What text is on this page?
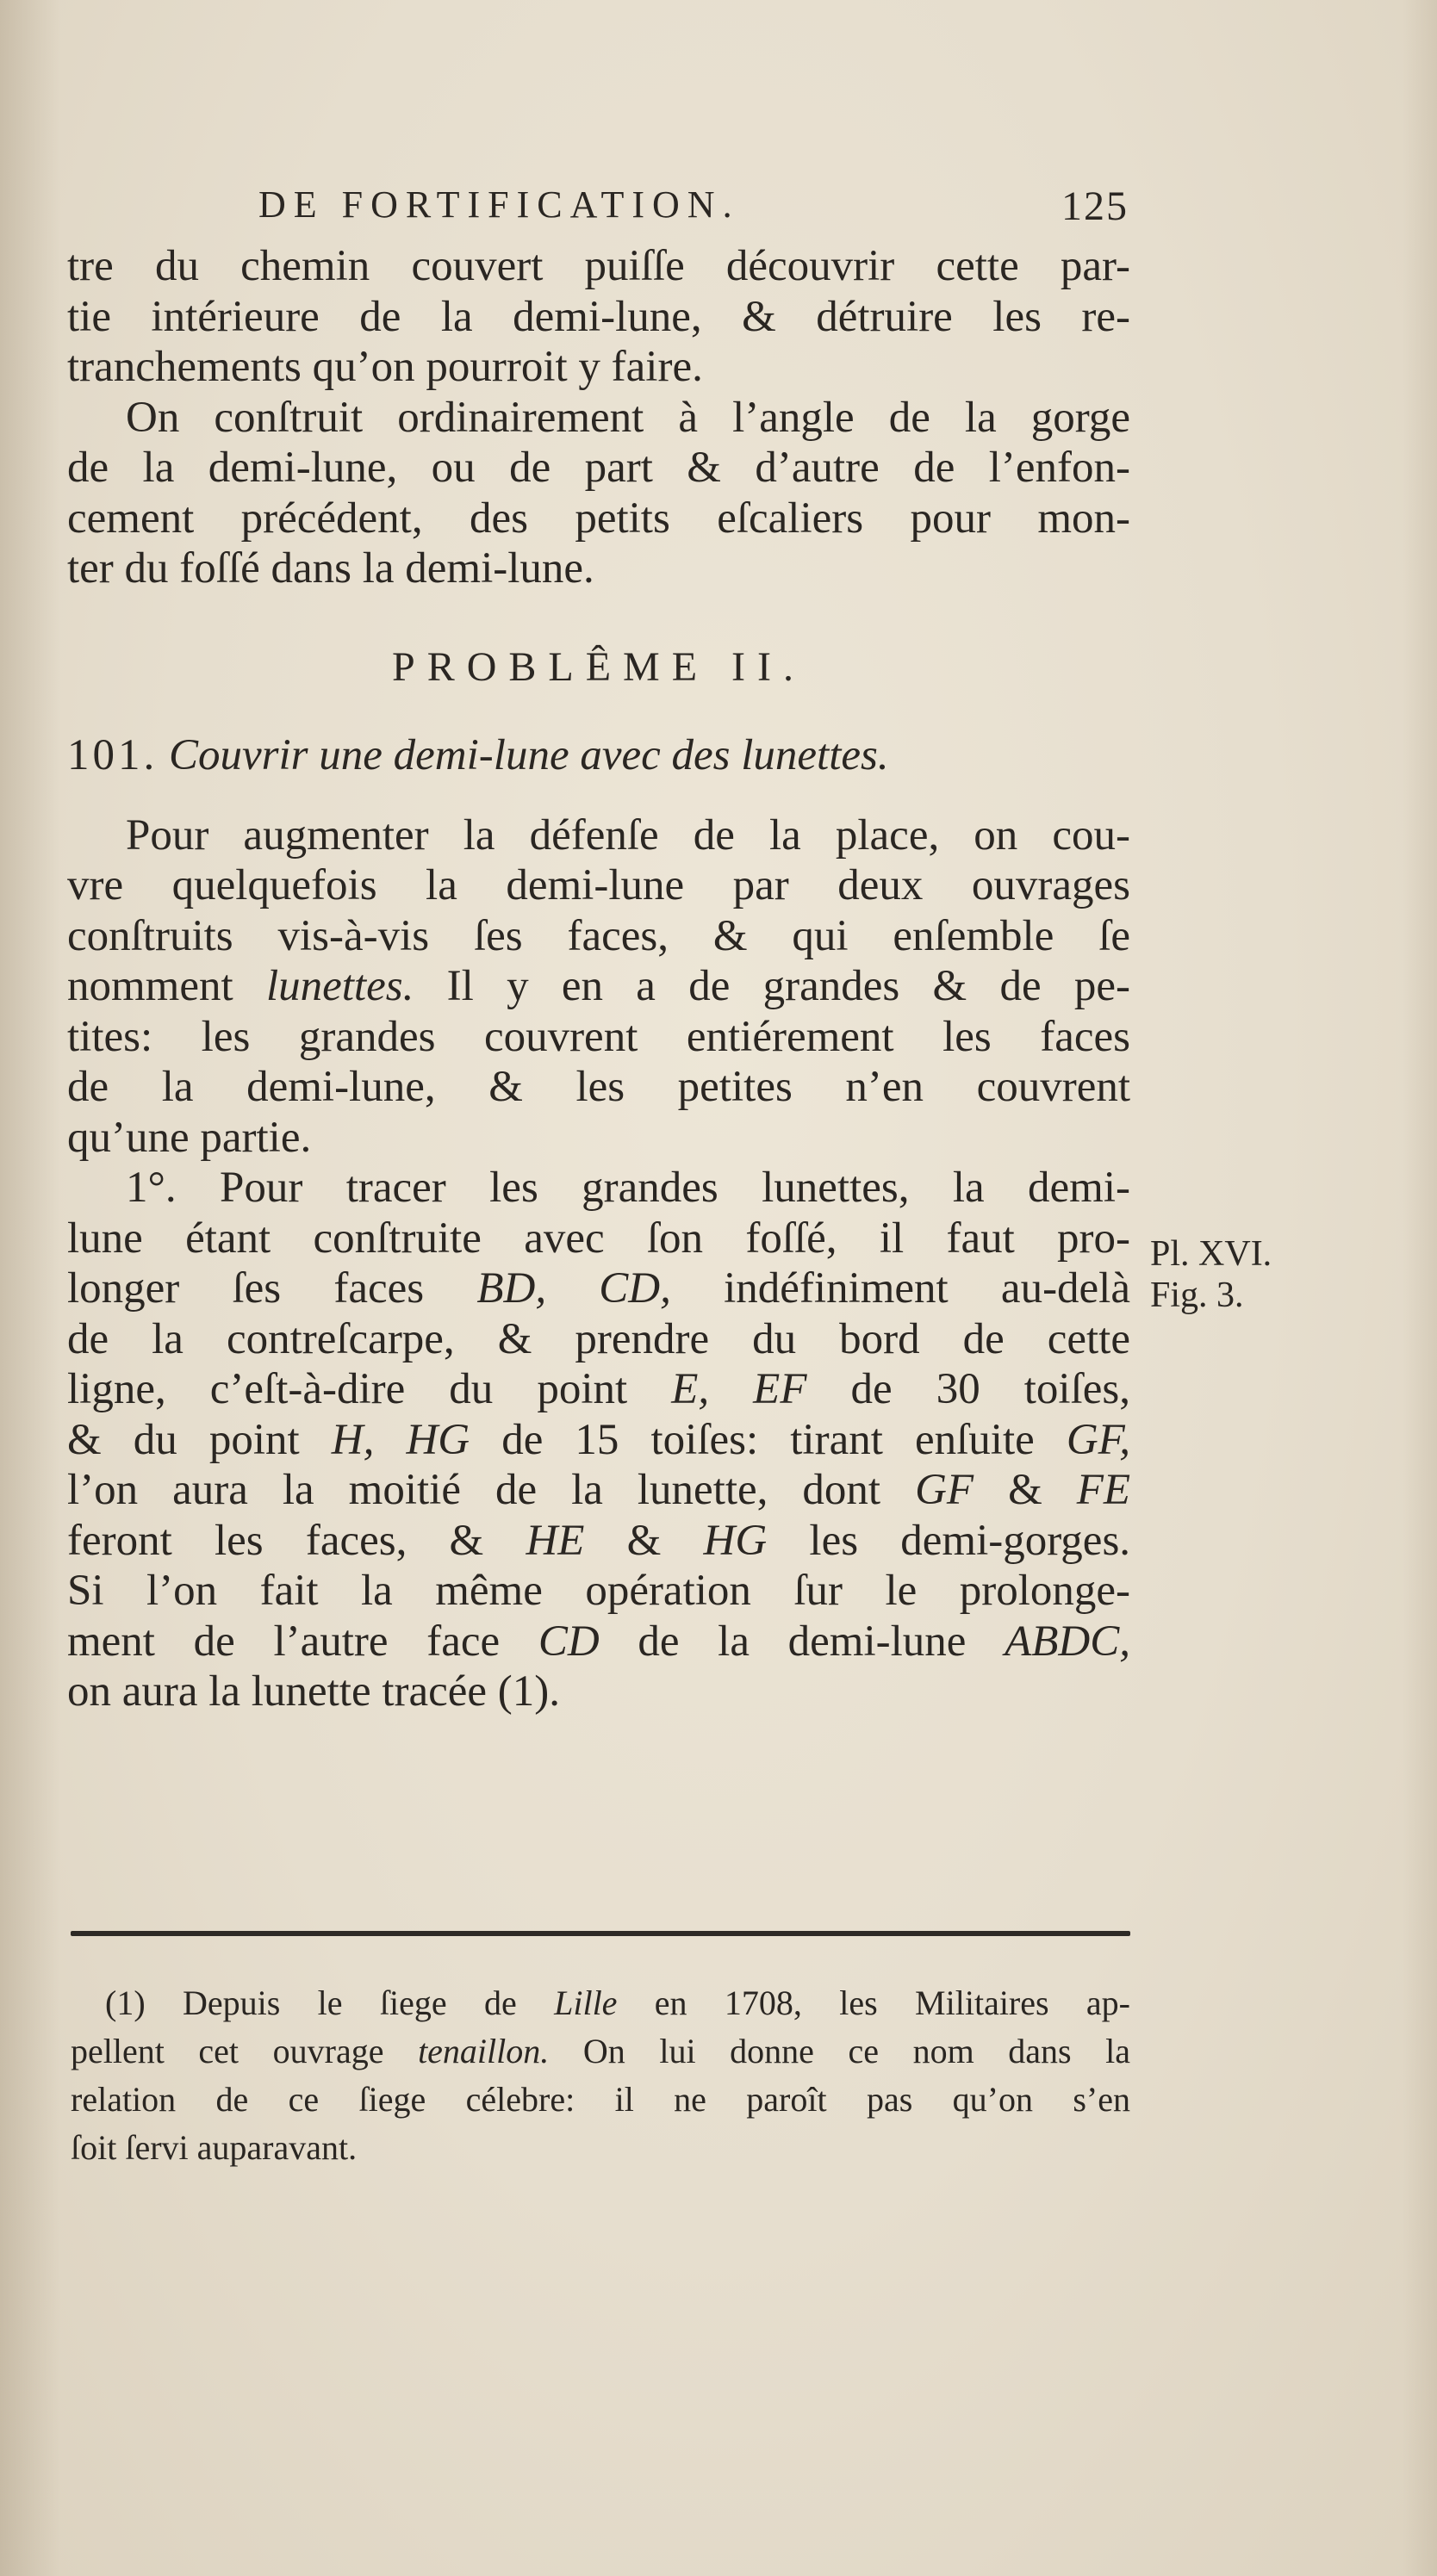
DE FORTIFICATION.	125
tre du chemin couvert puiſſe découvrir cette par-
tie intérieure de la demi-lune, & détruire les re-
tranchements qu’on pourroit y faire.
On conſtruit ordinairement à l’angle de la gorge
de la demi-lune, ou de part & d’autre de l’enfon-
cement précédent, des petits eſcaliers pour mon-
ter du foſſé dans la demi-lune.
PROBLÊME II.
101. Couvrir une demi-lune avec des lunettes.
Pour augmenter la défenſe de la place, on cou-
vre quelquefois la demi-lune par deux ouvrages
conſtruits vis-à-vis ſes faces, & qui enſemble ſe
nomment lunettes. Il y en a de grandes & de pe-
tites: les grandes couvrent entiérement les faces
de la demi-lune, & les petites n’en couvrent
qu’une partie.
1°. Pour tracer les grandes lunettes, la demi-
lune étant conſtruite avec ſon foſſé, il faut pro-
longer ſes faces BD, CD, indéfiniment au-delà
de la contreſcarpe, & prendre du bord de cette
ligne, c’eſt-à-dire du point E, EF de 30 toiſes,
& du point H, HG de 15 toiſes: tirant enſuite GF,
l’on aura la moitié de la lunette, dont GF & FE
feront les faces, & HE & HG les demi-gorges.
Si l’on fait la même opération ſur le prolonge-
ment de l’autre face CD de la demi-lune ABDC,
on aura la lunette tracée (1).
Pl. XVI.
Fig. 3.
(1) Depuis le ſiege de Lille en 1708, les Militaires ap-
pellent cet ouvrage tenaillon. On lui donne ce nom dans la
relation de ce ſiege célebre: il ne paroît pas qu’on s’en
ſoit ſervi auparavant.
